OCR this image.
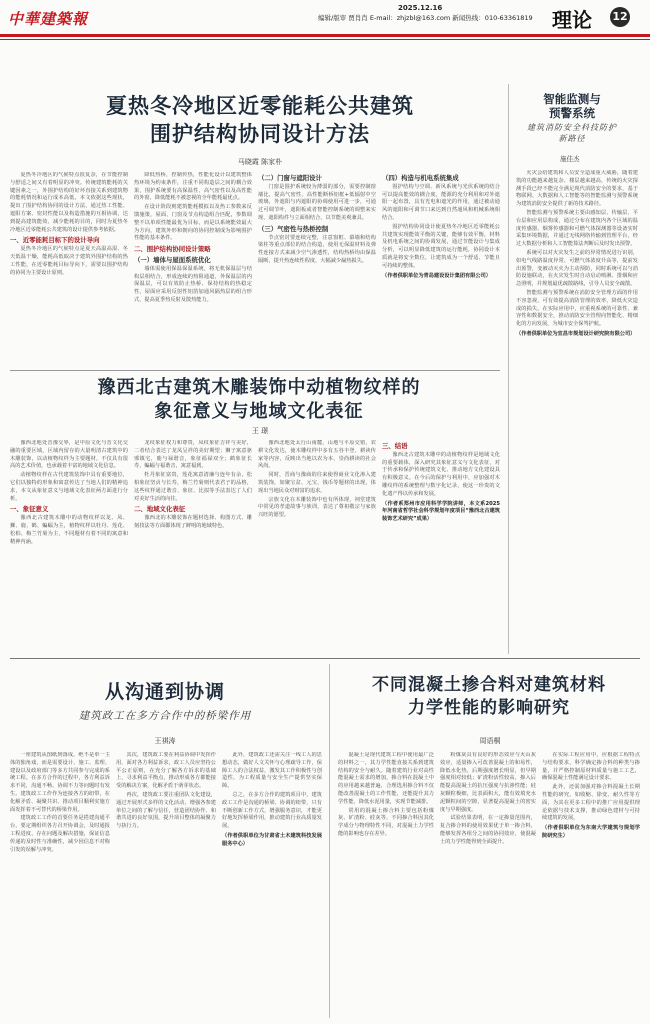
中華建築報
2025.12.16
编辑/版审 贾肖肖 E-mail：zhjzbl@163.com 新闻热线：010-63361819 理论 12
夏热冬冷地区近零能耗公共建筑
围护结构协同设计方法
马晓霞 陈家朴

夏热冬冷地区的气候特点很复杂，在节能控制与舒适之间又有着明显的冲突。传统建筑能耗的关键因素之一，外围护结构的好坏直接关系到建筑物的能耗情况和运行成本高低，本文依据这些现状，提出了围护结构协同的设计方法，通过热工性能、遮阳方案、密封性能以及构造措施的互相协调，达到提高建筑能效、减少能耗的目的，同时为夏热冬冷地区近零能耗公共建筑的设计提供参考依据。

一、近零能耗目标下的设计导向

夏热冬冷地区的气候特点是夏天高温高湿、冬天低温干燥，能耗高低取决于建筑外围护结构的热工性能，在近零能耗目标导向下，需要以围护结构的协同为主要设计原则。

降低热桥，控制传热，性能化设计以建筑整体热环境为约束条件，注重不同构造层之间的耦合效果，围护系统要有高保温性、高气密性以及高性能的外窗，降低能耗不被忽视的全年能耗最优点。

在设计阶段则建筑能耗模拟以及热工参数来反馈施策，屋面、门窗及节点构造组合匹配，参数调整不以单项性能最优为目标，而是以系统能效最大为方向，建筑外形和朝向的协同控制成为影响围护性能的基本条件。

二、围护结构协同设计策略

（一）墙体与屋面系统优化

墙体需使用保温保温系统，将无机保温层与结构层相结合，形成连续的热阻通道，外保温层的内保温层，可以有效防止热桥、保持结构的热稳定性，屋面应采用反射性铝箔加通风隔热层的组合形式，提高夏季热反射及散热能力。

（二）门窗与遮阳设计

门窗是围护系统较为薄弱的部分，需要控制窗墙比，提高气密性，高性能断桥铝框+低辐射中空玻璃，外遮阳与内遮阳的协调使用可进一步，可通过可调节叶，遮阳板或者智能控制系统的调整来实现，遮阳构件与立面相结合，以节能美观兼具。

（三）气密性与热桥控制

节点密封要连续完整，注意窗框、幕墙和结构梁柱等重点部位的结合构造，使用无保温材料及弹性连接方式来减少空气渗透性，结构热桥均由保温隔断，提升热连续性程度，大幅减少漏热损失。

（四）构造与机电系统集成

围护结构与空调、新风系统与光伏系统的结合可以提高能效的耦合度，能源的充分利用和对外遮阳一起布置，具有光电和遮光的作用，通过被动通风的遮阳和可调节口来达到自然通风和机械系统相结合。

围护结构协同设计使夏热冬冷地区近零能耗公共建筑实现能效平衡的关键，能够有效平衡，材料及机电系统之间的协调发展，通过节能设计与集成分析，可以明显降低建筑的运行能耗，协同设计本质就是将安全数位，让建筑成为一个舒适、节能且可持续的整体。

（作者供职单位为青岛建设设计集团有限公司）

智能监测与
预警系统
建筑消防安全科技防护
新路径
施佳杰

火灾会给建筑和人员安全造成重大威胁，随着建筑的功能越来越复杂、楼层越来越高，传统的火灾探测手段已经不能完全满足现代消防安全的要求，基于物联网、大数据和人工智能等的智能监测与预警系统为建筑消防安全提供了新的技术路径。

智能监测与预警系统主要由感知层、传输层、平台层和应用层构成，通过分布在建筑内各个区域的温度传感器、烟雾传感器和可燃气体探测器等设备实时采集环境数据，并通过无线网络传输到管理平台，经过大数据分析和人工智能算法判断后及时发出预警。

系统可以对火灾发生之前的异常情况进行识别，如电气线路温度异常、可燃气体浓度升高等，提前发出预警，变被动灭火为主动预防，同时系统可以与消防设施联动，在火灾发生时自动启动喷淋、排烟和应急照明，并规划最优疏散路线，引导人员安全疏散。

智能监测与预警系统在消防安全管理方面的作用不容忽视，可有效提高消防管理的效率，降低火灾造成的损失。在实际应用中，应重视系统的可靠性、兼容性和数据安全，推动消防安全管理向智能化、精细化的方向发展，为城市安全保驾护航。

（作者供职单位为宜昌市规划设计研究院有限公司）

豫西北古建筑木雕装饰中动植物纹样的
象征意义与地域文化表征
王 璟

豫西北地处晋豫交界，是中原文化与晋文化交融的重要区域，区域内留存的大量明清古建筑中的木雕装饰，以动植物纹样为主要题材，不仅具有很高的艺术价值，也承载着丰富的地域文化信息。

动植物纹样在古代建筑装饰中具有重要地位，它们以独特的形象和寓意传达了当地人们的精神追求，本文从象征意义与地域文化表征两方面进行分析。

一、象征意义

豫西北古建筑木雕中的动物纹样以龙、凤、狮、鹿、鹤、蝙蝠为主，植物纹样以牡丹、莲花、松柏、梅兰竹菊为主，不同题材有着不同的寓意和精神内涵。

龙纹象征权力和尊贵，凤纹象征吉祥与美好，二者结合表达了龙凤呈祥的美好期望；狮子寓意驱邪镇宅，鹿与禄谐音，象征福禄双全；鹤象征长寿，蝙蝠与福谐音，寓意福到。

牡丹象征富贵，莲花寓意清廉与连年有余，松柏象征坚贞与长寿，梅兰竹菊则代表君子的品格，这些纹样通过谐音、象征、比拟等手法表达了人们对美好生活的向往。

二、地域文化表征

豫西北的木雕装饰在题材选择、构图方式、雕刻技法等方面都体现了鲜明的地域特色。

豫西北地处太行山南麓，山地与平原交错，农耕文化发达，使木雕纹样中多有五谷丰登、耕读传家等内容，反映出当地以农为本、崇尚耕读的社会风尚。

同时，晋商与豫商的往来使得商业文化渗入建筑装饰，如聚宝盆、元宝、钱币等题材的出现，体现出当地民众对财富的追求。

宗族文化在木雕装饰中也有所体现，祠堂建筑中常见的孝道故事与族训，表达了尊祖敬宗与家族兴旺的愿望。

三、结语

豫西北古建筑木雕中的动植物纹样是地域文化的重要载体，深入研究其象征意义与文化表征，对于传承和保护传统建筑文化、推动地方文化建设具有积极意义。在今后的保护与利用中，应加强对木雕纹样的系统整理与数字化记录，使这一珍贵的文化遗产得以传承和发展。

（作者系郑州市应用科学学院讲师，本文系2025年河南省哲学社会科学规划年度项目“豫西北古建筑装饰艺术研究”成果）

从沟通到协调
建筑政工在多方合作中的桥梁作用
王祺涛

一座建筑从图纸到落成，绝不是单一主体的独角戏，而是需要设计、施工、监理、建设以及政府部门等多方共同参与完成的系统工程。在多方合作的过程中，各方利益诉求不同，沟通不畅、协调不力等问题时有发生。建筑政工工作作为连接各方的纽带，在化解矛盾、凝聚共识、推动项目顺利实施方面发挥着不可替代的桥梁作用。

建筑政工工作的首要任务是搭建沟通平台，要定期组织各方召开协调会，及时通报工程进度、存在问题及解决措施，保证信息传递的及时性与准确性，减少因信息不对称引发的误解与冲突。

其次，建筑政工要在利益协调中发挥作用，面对各方利益诉求，政工人员应坚持公平公正原则，在充分了解各方诉求的基础上，寻求利益平衡点，推动形成各方都能接受的解决方案，化解矛盾于萌芽状态。

再次，建筑政工要注重团队文化建设，通过开展形式多样的文化活动，增强各参建单位之间的了解与信任，营造团结协作、和谐共进的良好氛围，提升项目整体的凝聚力与执行力。

此外，建筑政工还需关注一线工人的思想动态，做好人文关怀与心理疏导工作，保障工人的合法权益，激发其工作积极性与创造性，为工程质量与安全生产提供坚实保障。

总之，在多方合作的建筑项目中，建筑政工工作是沟通的桥梁、协调的纽带，只有不断创新工作方式，增强服务意识，才能更好地发挥桥梁作用，推动建筑行业高质量发展。

（作者供职单位为甘肃省土木建筑科技发展服务中心）

不同混凝土掺合料对建筑材料
力学性能的影响研究
周语桐

混凝土是现代建筑工程中使用最广泛的材料之一，其力学性能直接关系到建筑结构的安全与耐久。随着建筑行业对高性能混凝土需求的增加，掺合料在混凝土中的应用越来越普遍，合理选用掺合料不仅能改善混凝土的工作性能，还能提升其力学性能，降低水泥用量，实现节能减排。

常用的混凝土掺合料主要包括粉煤灰、矿渣粉、硅灰等，不同掺合料因其化学成分与物理特性不同，对混凝土力学性能的影响也存在差异。

粉煤灰具有良好的形态效应与火山灰效应，适量掺入可改善混凝土的和易性，降低水化热，后期强度增长明显，但早期强度相对较低；矿渣粉活性较高，掺入后能提高混凝土的抗压强度与抗渗性能；硅灰颗粒极细，比表面积大，能有效填充水泥颗粒间的空隙，显著提高混凝土的密实度与早期强度。

试验结果表明，在一定掺量范围内，复合掺合料的使用效果优于单一掺合料，能够发挥各组分之间的协同效应，使混凝土的力学性能得到全面提升。

在实际工程应用中，应根据工程特点与结构要求，科学确定掺合料的种类与掺量，并严格控制原材料质量与施工工艺，确保混凝土性能满足设计要求。

此外，还需加强对掺合料混凝土长期性能的研究，如收缩、徐变、耐久性等方面，为其在更多工程中的推广应用提供理论依据与技术支撑，推动绿色建材与可持续建筑的发展。

（作者供职单位为东南大学建筑与规划学院研究生）
